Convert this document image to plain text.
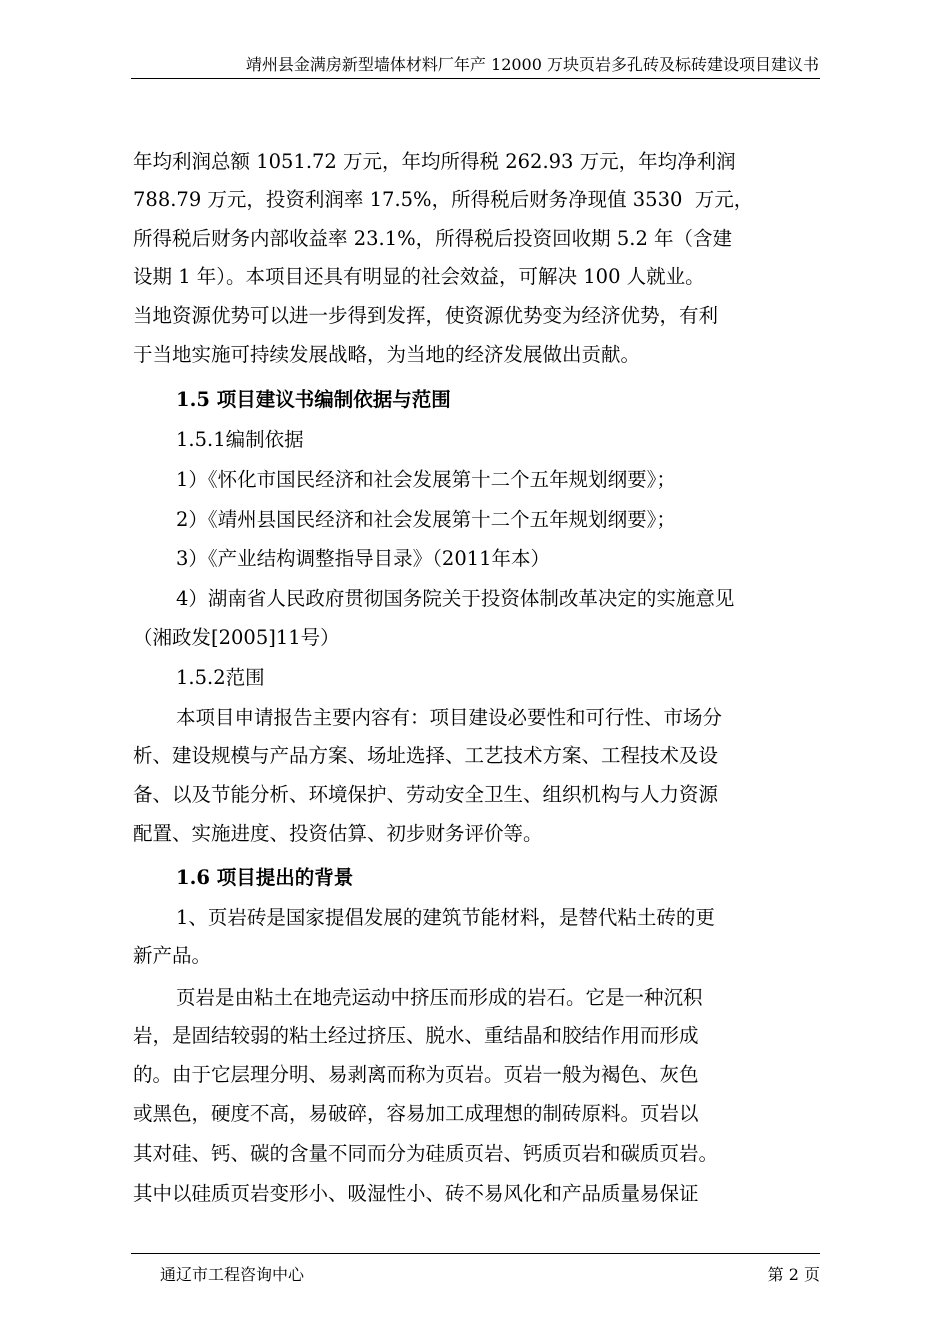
靖州县金满房新型墙体材料厂年产 12000 万块页岩多孔砖及标砖建设项目建议书
年均利润总额 1051.72 万元，年均所得税 262.93 万元，年均净利润
788.79 万元，投资利润率 17.5%，所得税后财务净现值 3530  万元，
所得税后财务内部收益率 23.1%，所得税后投资回收期 5.2 年（含建
设期 1 年）。本项目还具有明显的社会效益，可解决 100 人就业。
当地资源优势可以进一步得到发挥，使资源优势变为经济优势，有利
于当地实施可持续发展战略，为当地的经济发展做出贡献。
1.5 项目建议书编制依据与范围
1.5.1编制依据
1）《怀化市国民经济和社会发展第十二个五年规划纲要》；
2）《靖州县国民经济和社会发展第十二个五年规划纲要》；
3）《产业结构调整指导目录》（2011年本）
4）湖南省人民政府贯彻国务院关于投资体制改革决定的实施意见
（湘政发[2005]11号）
1.5.2范围
本项目申请报告主要内容有：项目建设必要性和可行性、市场分
析、建设规模与产品方案、场址选择、工艺技术方案、工程技术及设
备、以及节能分析、环境保护、劳动安全卫生、组织机构与人力资源
配置、实施进度、投资估算、初步财务评价等。
1.6 项目提出的背景
1、页岩砖是国家提倡发展的建筑节能材料，是替代粘土砖的更
新产品。
页岩是由粘土在地壳运动中挤压而形成的岩石。它是一种沉积
岩，是固结较弱的粘土经过挤压、脱水、重结晶和胶结作用而形成
的。由于它层理分明、易剥离而称为页岩。页岩一般为褐色、灰色
或黑色，硬度不高，易破碎，容易加工成理想的制砖原料。页岩以
其对硅、钙、碳的含量不同而分为硅质页岩、钙质页岩和碳质页岩。
其中以硅质页岩变形小、吸湿性小、砖不易风化和产品质量易保证
通辽市工程咨询中心	第 2 页
